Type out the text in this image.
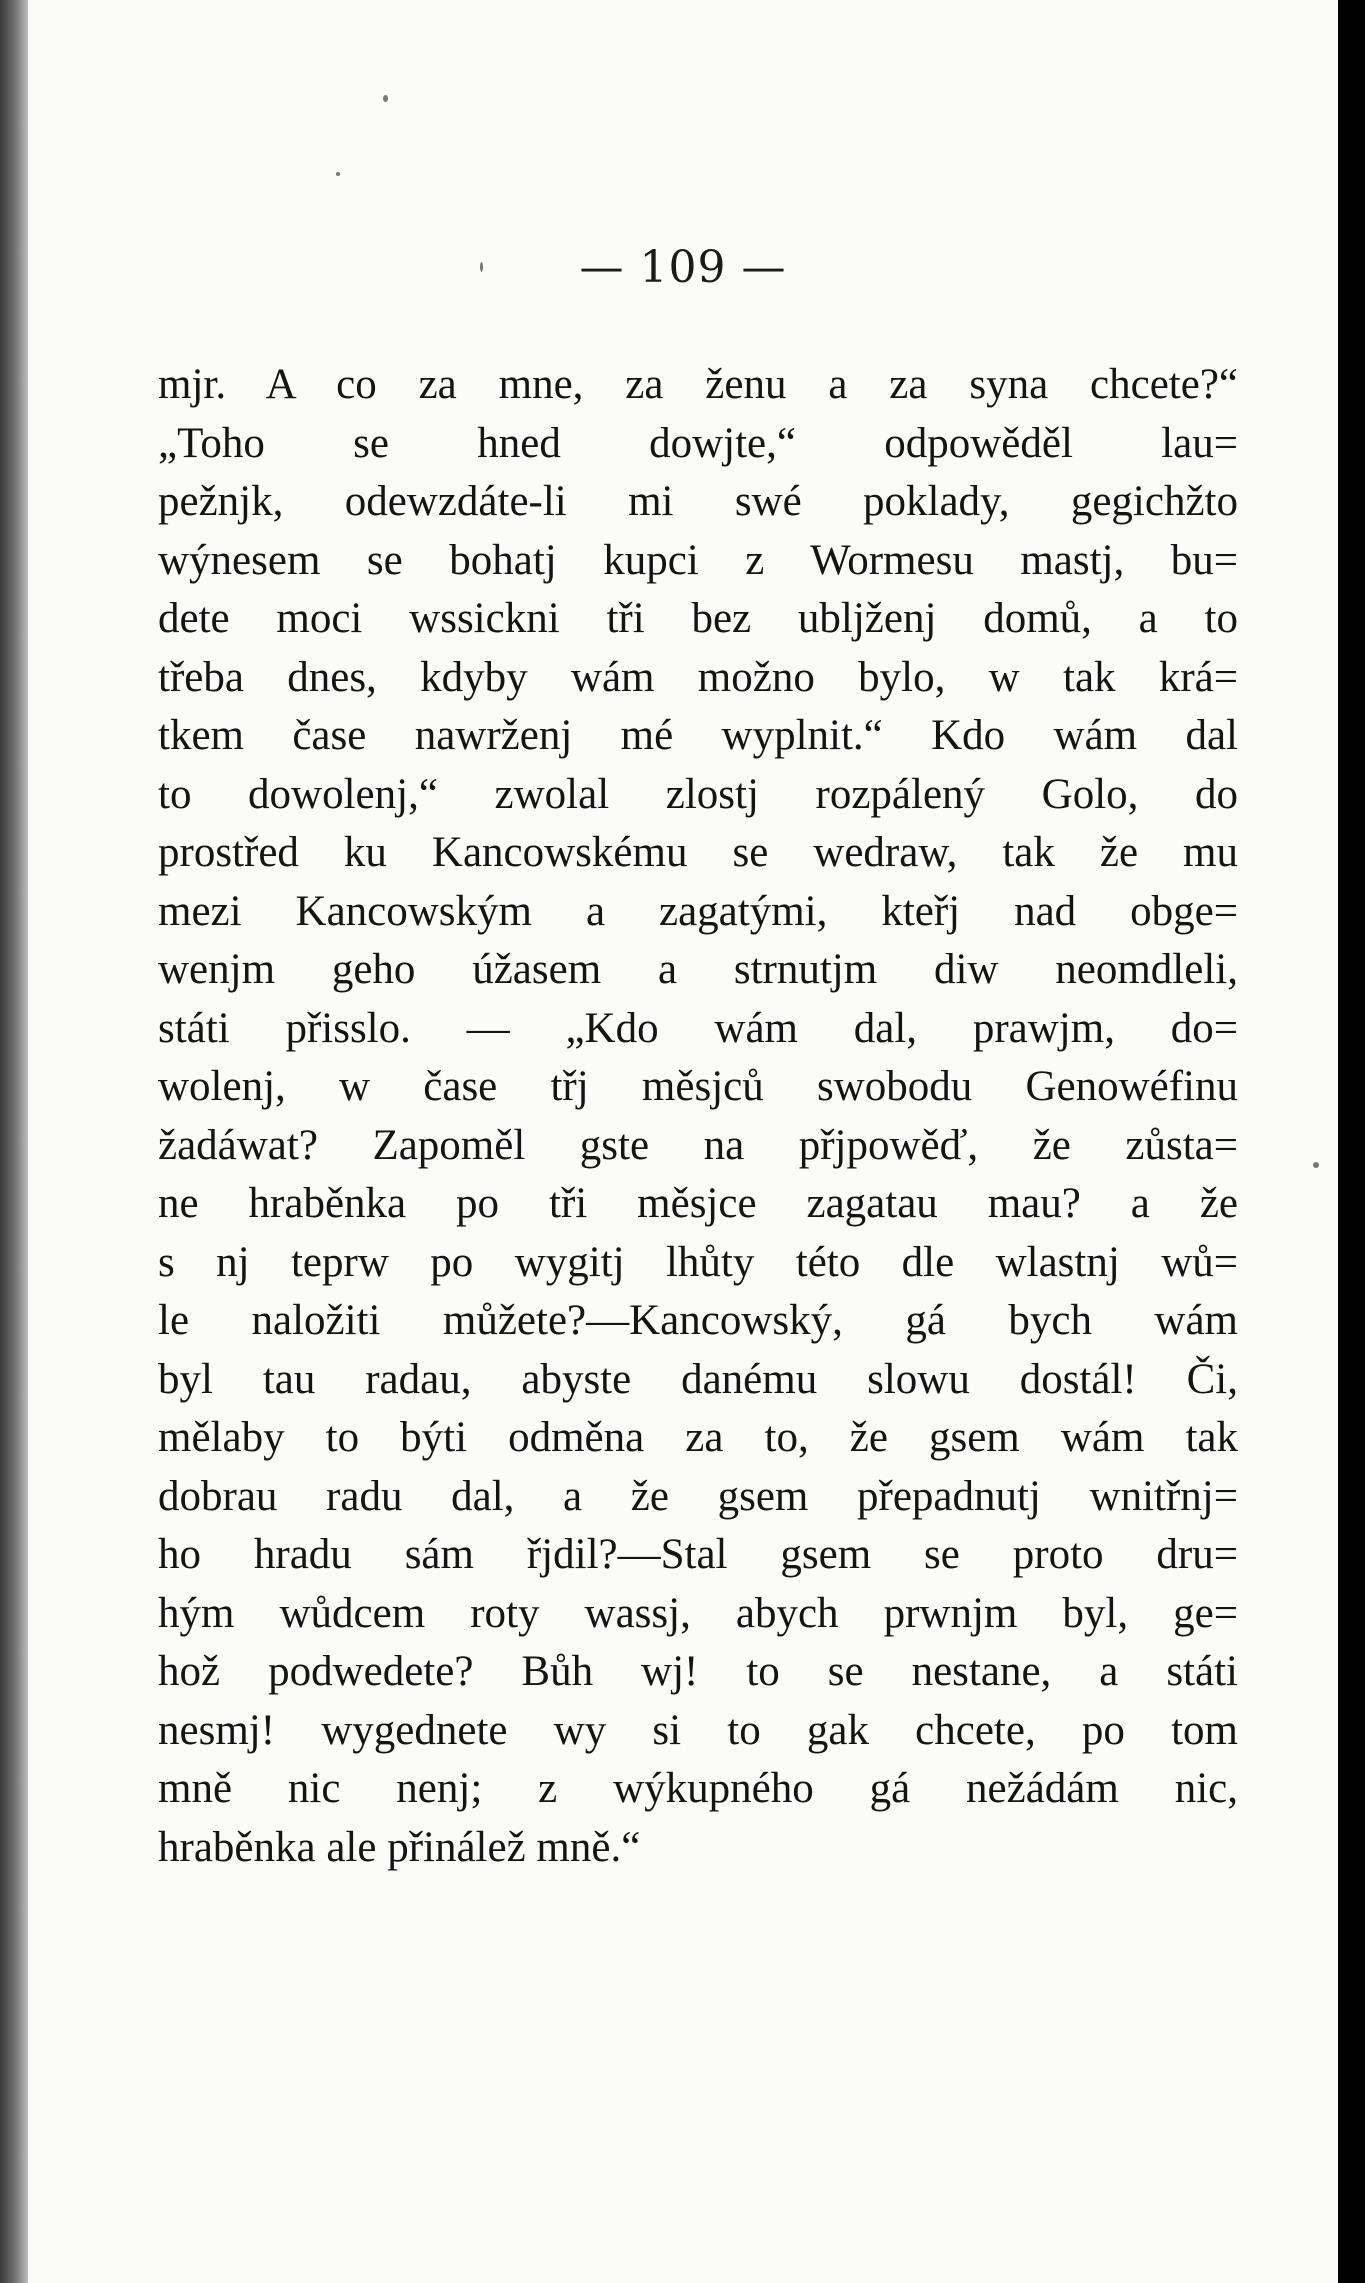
— 109 —
mjr. A co za mne, za ženu a za syna chcete?“
„Toho se hned dowjte,“ odpowěděl lau=
pežnjk, odewzdáte-li mi swé poklady, gegichžto
wýnesem se bohatj kupci z Wormesu mastj, bu=
dete moci wssickni tři bez ublјženj domů, a to
třeba dnes, kdyby wám možno bylo, w tak krá=
tkem čase nawrženj mé wyplnit.“ Kdo wám dal
to dowolenj,“ zwolal zlostj rozpálený Golo, do
prostřed ku Kancowskému se wedraw, tak že mu
mezi Kancowským a zagatými, kteřj nad obge=
wenjm geho úžasem a strnutjm diw neomdleli,
státi přisslo. — „Kdo wám dal, prawjm, do=
wolenj, w čase třj měsjců swobodu Genowéfinu
žadáwat? Zapoměl gste na přjpowěď, že zůsta=
ne hraběnka po tři měsjce zagatau mau? a že
s nj teprw po wygitj lhůty této dle wlastnj wů=
le naložiti můžete?—Kancowský, gá bych wám
byl tau radau, abyste danému slowu dostál! Či,
mělaby to býti odměna za to, že gsem wám tak
dobrau radu dal, a že gsem přepadnutj wnitřnj=
ho hradu sám řjdil?—Stal gsem se proto dru=
hým wůdcem roty wassj, abych prwnjm byl, ge=
hož podwedete? Bůh wj! to se nestane, a státi
nesmj! wygednete wy si to gak chcete, po tom
mně nic nenj; z wýkupného gá nežádám nic,
hraběnka ale přinálež mně.“
